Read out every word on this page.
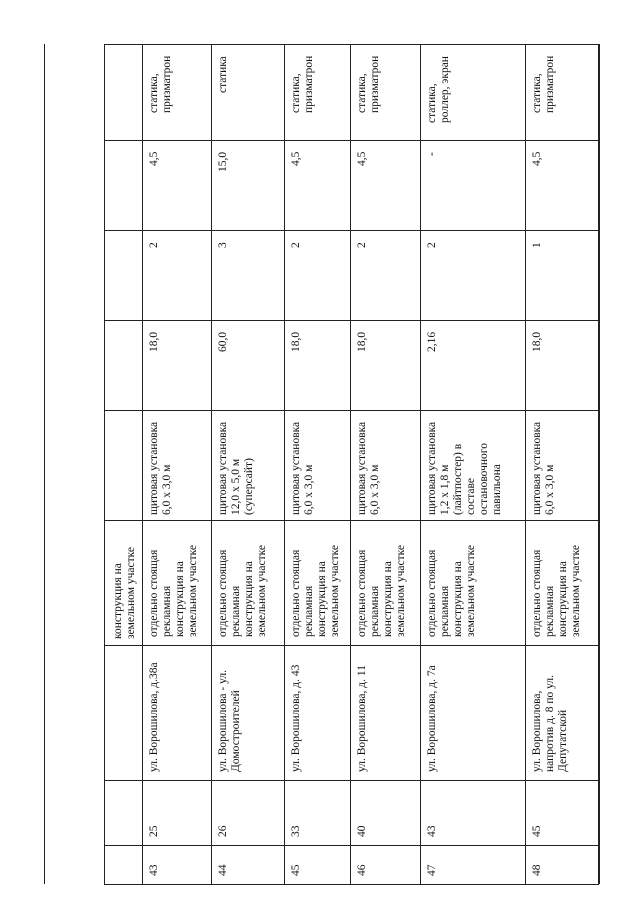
конструкция на
земельном участке
статика,
призматрон
4,5
2
18,0
щитовая установка
6,0 х 3,0 м
отдельно стоящая
рекламная
конструкция на
земельном участке
ул. Ворошилова, д.38а
25
43
статика
15,0
3
60,0
щитовая установка
12,0 х 5,0 м
(суперсайт)
отдельно стоящая
рекламная
конструкция на
земельном участке
ул. Ворошилова - ул.
Домостроителей
26
44
статика,
призматрон
4,5
2
18,0
щитовая установка
6,0 х 3,0 м
отдельно стоящая
рекламная
конструкция на
земельном участке
ул. Ворошилова, д. 43
33
45
статика,
призматрон
4,5
2
18,0
щитовая установка
6,0 х 3,0 м
отдельно стоящая
рекламная
конструкция на
земельном участке
ул. Ворошилова, д. 11
40
46
статика,
роллер, экран
-
2
2,16
щитовая установка
1,2 х 1,8 м
(лайтпостер) в
составе
остановочного
павильона
отдельно стоящая
рекламная
конструкция на
земельном участке
ул. Ворошилова, д. 7а
43
47
статика,
призматрон
4,5
1
18,0
щитовая установка
6,0 х 3,0 м
отдельно стоящая
рекламная
конструкция на
земельном участке
ул. Ворошилова,
напротив д. 8 по ул.
Депутатской
45
48
